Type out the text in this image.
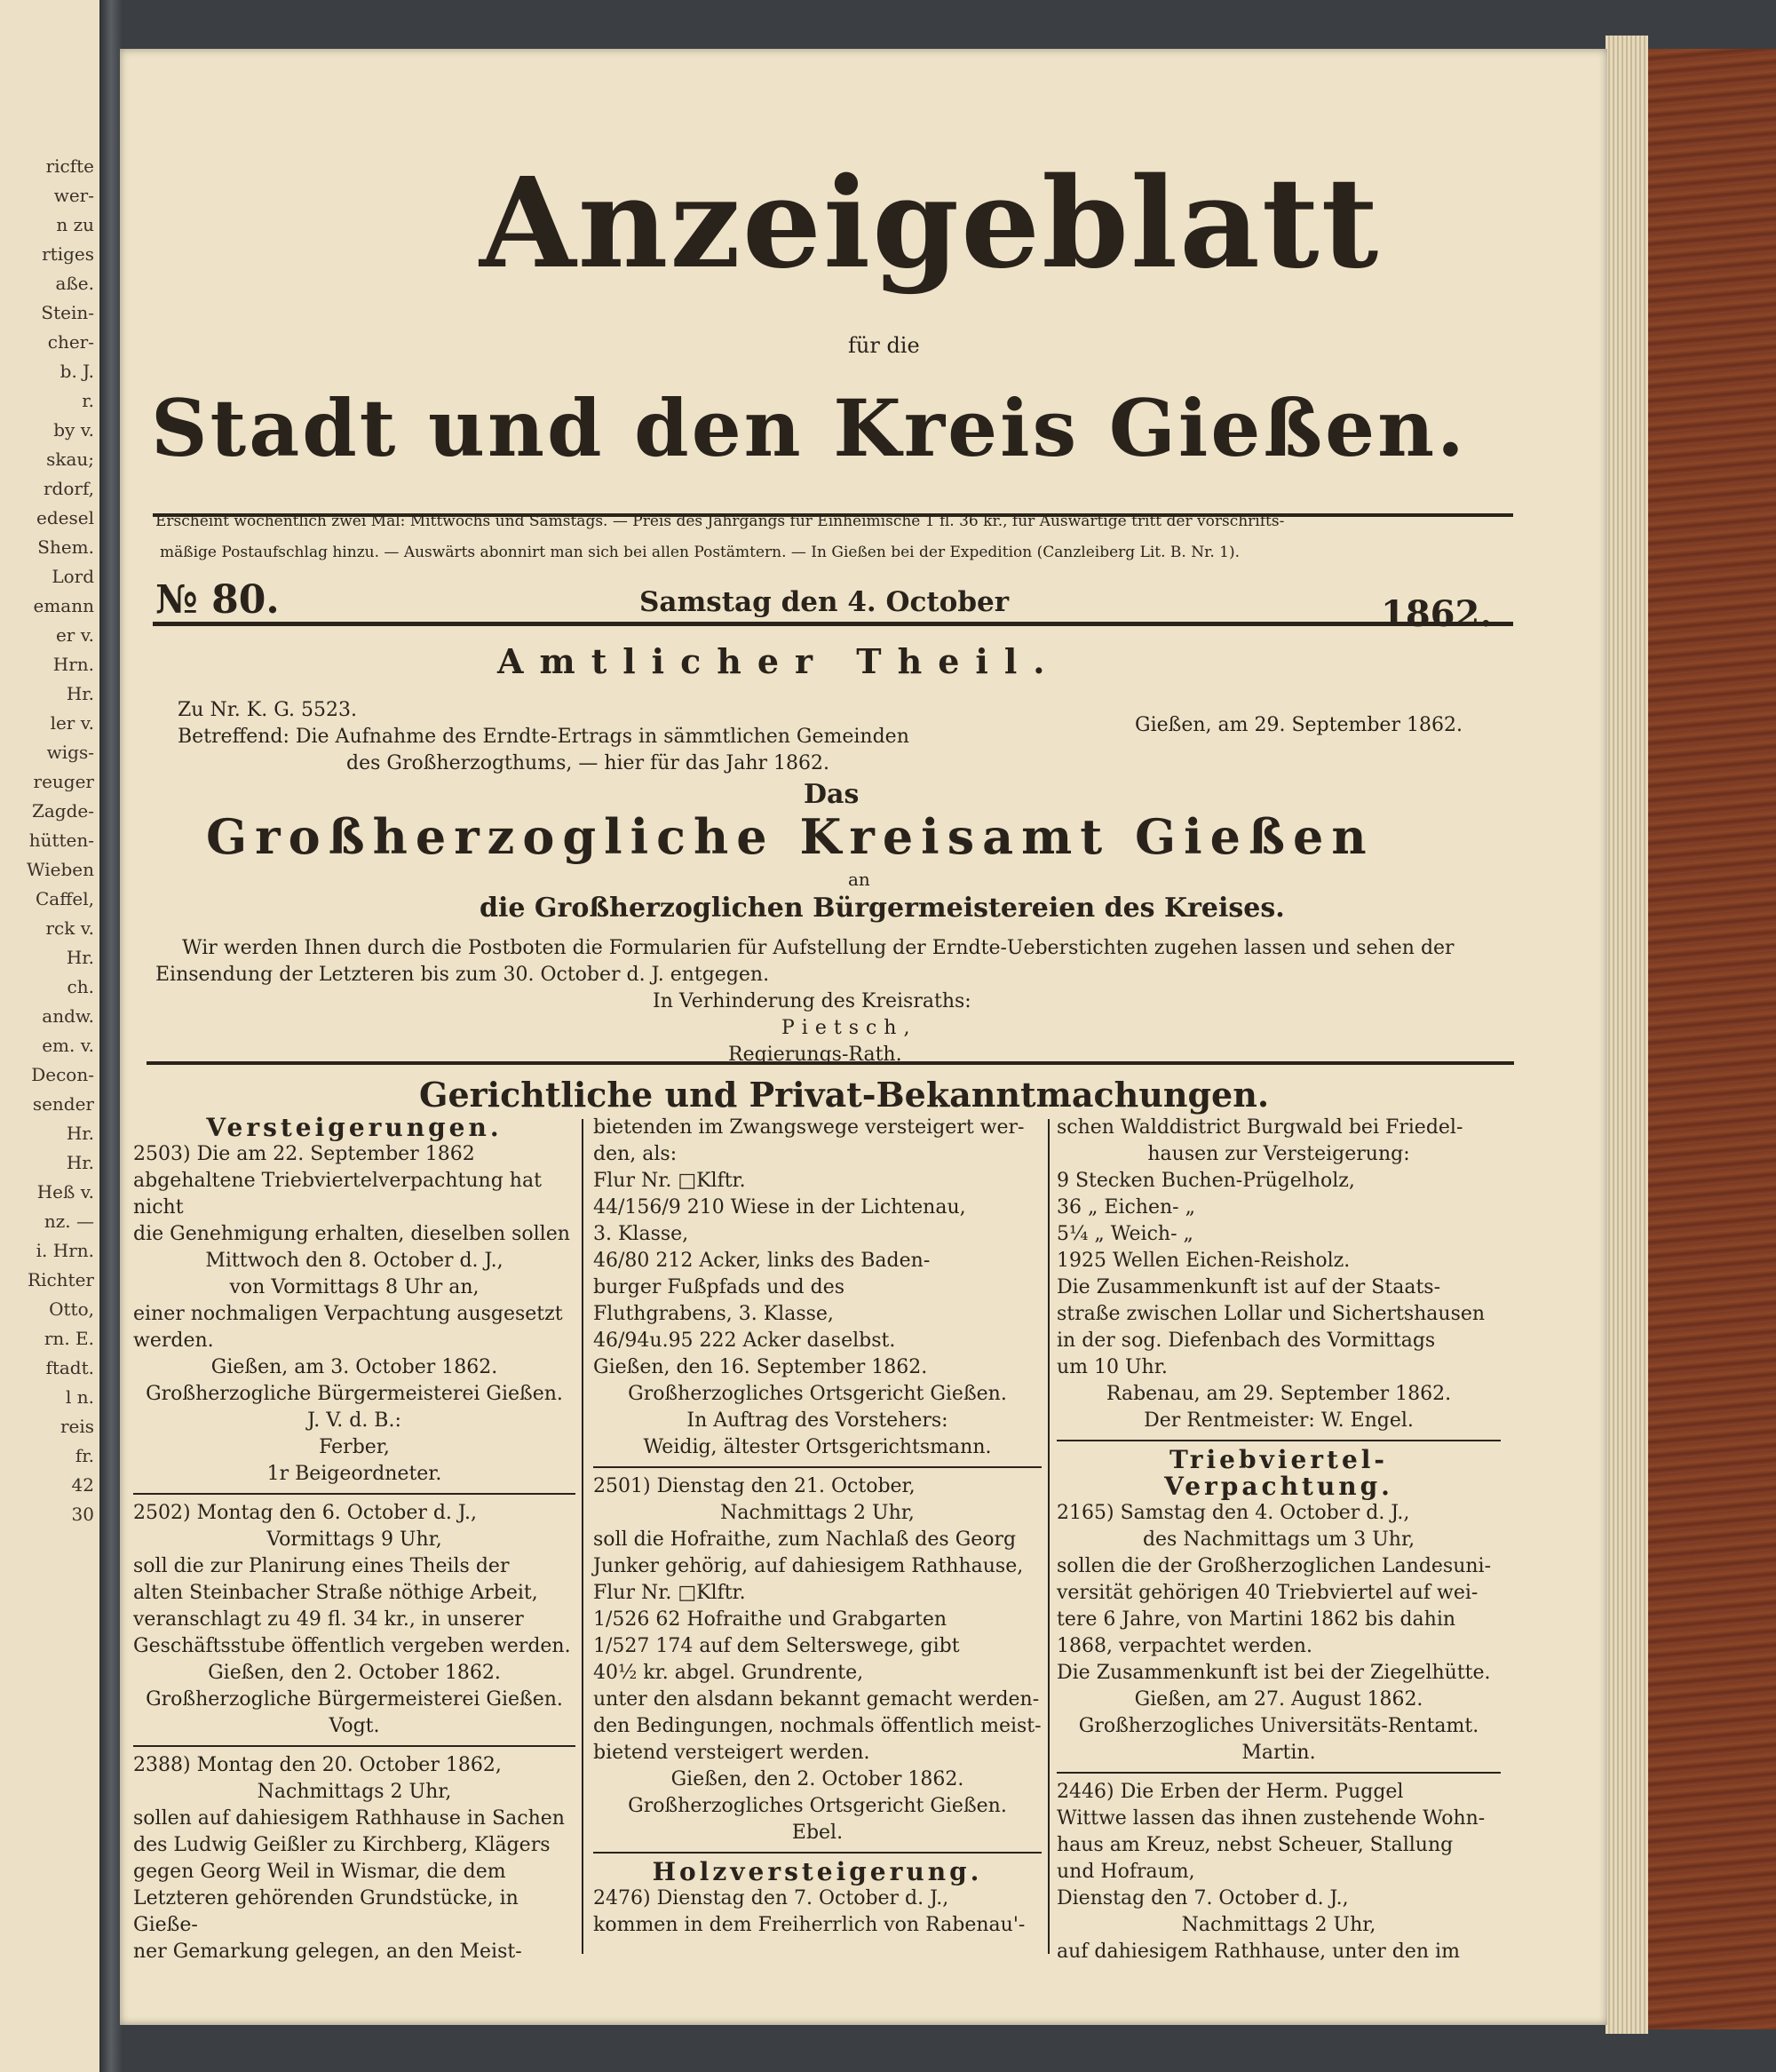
ricfte
wer-
n zu
rtiges
aße.
Stein-
cher-
b. J.
r.
by v.
skau;
rdorf,
edesel
Shem.
Lord
emann
er v.
Hrn.
Hr.
ler v.
wigs-
reuger
Zagde-
hütten-
Wieben
Caffel,
rck v.
Hr.
ch.
andw.
em. v.
Decon-
sender
Hr.
Hr.
Heß v.
nz. —
i. Hrn.
Richter
Otto,
rn. E.
ftadt.
l n.
reis
fr.
42
30
Anzeigeblatt
für die
Stadt und den Kreis Gießen.
Erscheint wöchentlich zwei Mal: Mittwochs und Samstags. — Preis des Jahrgangs für Einheimische 1 fl. 36 kr., für Auswärtige tritt der vorschrifts-
mäßige Postaufschlag hinzu. — Auswärts abonnirt man sich bei allen Postämtern. — In Gießen bei der Expedition (Canzleiberg Lit. B. Nr. 1).
№ 80.	Samstag den 4. October	1862.
Amtlicher Theil.
Zu Nr. K. G. 5523.
Gießen, am 29. September 1862.
Betreffend: Die Aufnahme des Erndte-Ertrags in sämmtlichen Gemeinden
des Großherzogthums, — hier für das Jahr 1862.
Das
Großherzogliche Kreisamt Gießen
an
die Großherzoglichen Bürgermeistereien des Kreises.
Wir werden Ihnen durch die Postboten die Formularien für Aufstellung der Erndte-Ueberstichten zugehen lassen und sehen der
Einsendung der Letzteren bis zum 30. October d. J. entgegen.
In Verhinderung des Kreisraths:
Pietsch,
Regierungs-Rath.
Gerichtliche und Privat-Bekanntmachungen.

Versteigerungen.

2503) Die am 22. September 1862

abgehaltene Triebviertelverpachtung hat nicht

die Genehmigung erhalten, dieselben sollen

Mittwoch den 8. October d. J.,

von Vormittags 8 Uhr an,

einer nochmaligen Verpachtung ausgesetzt

werden.

Gießen, am 3. October 1862.

Großherzogliche Bürgermeisterei Gießen.

J. V. d. B.:

Ferber,

1r Beigeordneter.

2502) Montag den 6. October d. J.,

Vormittags 9 Uhr,

soll die zur Planirung eines Theils der

alten Steinbacher Straße nöthige Arbeit,

veranschlagt zu 49 fl. 34 kr., in unserer

Geschäftsstube öffentlich vergeben werden.

Gießen, den 2. October 1862.

Großherzogliche Bürgermeisterei Gießen.

Vogt.

2388) Montag den 20. October 1862,

Nachmittags 2 Uhr,

sollen auf dahiesigem Rathhause in Sachen

des Ludwig Geißler zu Kirchberg, Klägers

gegen Georg Weil in Wismar, die dem

Letzteren gehörenden Grundstücke, in Gieße-

ner Gemarkung gelegen, an den Meist-

bietenden im Zwangswege versteigert wer-

den, als:

Flur Nr. □Klftr.

44/156/9 210 Wiese in der Lichtenau,

3. Klasse,

46/80 212 Acker, links des Baden-

burger Fußpfads und des

Fluthgrabens, 3. Klasse,

46/94u.95 222 Acker daselbst.

Gießen, den 16. September 1862.

Großherzogliches Ortsgericht Gießen.

In Auftrag des Vorstehers:

Weidig, ältester Ortsgerichtsmann.

2501) Dienstag den 21. October,

Nachmittags 2 Uhr,

soll die Hofraithe, zum Nachlaß des Georg

Junker gehörig, auf dahiesigem Rathhause,

Flur Nr. □Klftr.

1/526 62 Hofraithe und Grabgarten

1/527 174 auf dem Selterswege, gibt

40½ kr. abgel. Grundrente,

unter den alsdann bekannt gemacht werden-

den Bedingungen, nochmals öffentlich meist-

bietend versteigert werden.

Gießen, den 2. October 1862.

Großherzogliches Ortsgericht Gießen.

Ebel.

Holzversteigerung.

2476) Dienstag den 7. October d. J.,

kommen in dem Freiherrlich von Rabenau'-

schen Walddistrict Burgwald bei Friedel-

hausen zur Versteigerung:

9 Stecken Buchen-Prügelholz,

36 „ Eichen- „

5¼ „ Weich- „

1925 Wellen Eichen-Reisholz.

Die Zusammenkunft ist auf der Staats-

straße zwischen Lollar und Sichertshausen

in der sog. Diefenbach des Vormittags

um 10 Uhr.

Rabenau, am 29. September 1862.

Der Rentmeister: W. Engel.

Triebviertel-Verpachtung.

2165) Samstag den 4. October d. J.,

des Nachmittags um 3 Uhr,

sollen die der Großherzoglichen Landesuni-

versität gehörigen 40 Triebviertel auf wei-

tere 6 Jahre, von Martini 1862 bis dahin

1868, verpachtet werden.

Die Zusammenkunft ist bei der Ziegelhütte.

Gießen, am 27. August 1862.

Großherzogliches Universitäts-Rentamt.

Martin.

2446) Die Erben der Herm. Puggel

Wittwe lassen das ihnen zustehende Wohn-

haus am Kreuz, nebst Scheuer, Stallung

und Hofraum,

Dienstag den 7. October d. J.,

Nachmittags 2 Uhr,

auf dahiesigem Rathhause, unter den im
